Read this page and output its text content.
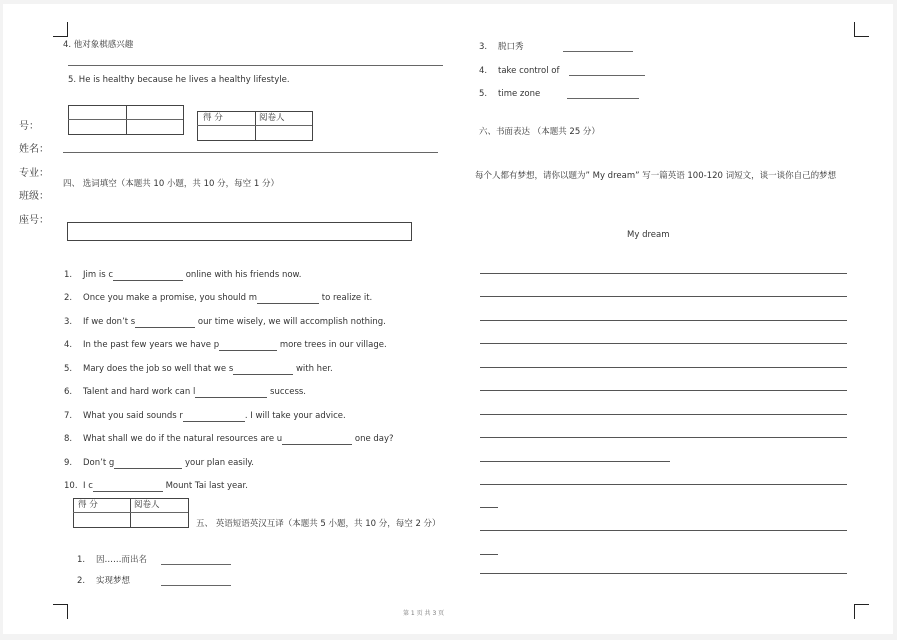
号：
姓名：
专业：
班级：
座号：
4. 他对象棋感兴趣
5. He is healthy because he lives a healthy lifestyle.
得 分	阅卷人
四、 选词填空（本题共 10 小题，共 10 分，每空 1 分）
1. Jim is c	online with his friends now.
2. Once you make a promise, you should m	to realize it.
3. If we don’t s	our time wisely, we will accomplish nothing.
4. In the past few years we have p	more trees in our village.
5. Mary does the job so well that we s	with her.
6. Talent and hard work can l	success.
7. What you said sounds r	. I will take your advice.
8. What shall we do if the natural resources are u	one day?
9. Don’t g	your plan easily.
10. I c	Mount Tai last year.
得 分	阅卷人
五、 英语短语英汉互译（本题共 5 小题，共 10 分，每空 2 分）
1. 因……而出名
2. 实现梦想
3. 脱口秀
4. take control of
5. time zone
六、书面表达 （本题共 25 分）
每个人都有梦想，请你以题为” My dream” 写一篇英语 100-120 词短文，谈一谈你自己的梦想
My dream
第 1 页 共 3 页
